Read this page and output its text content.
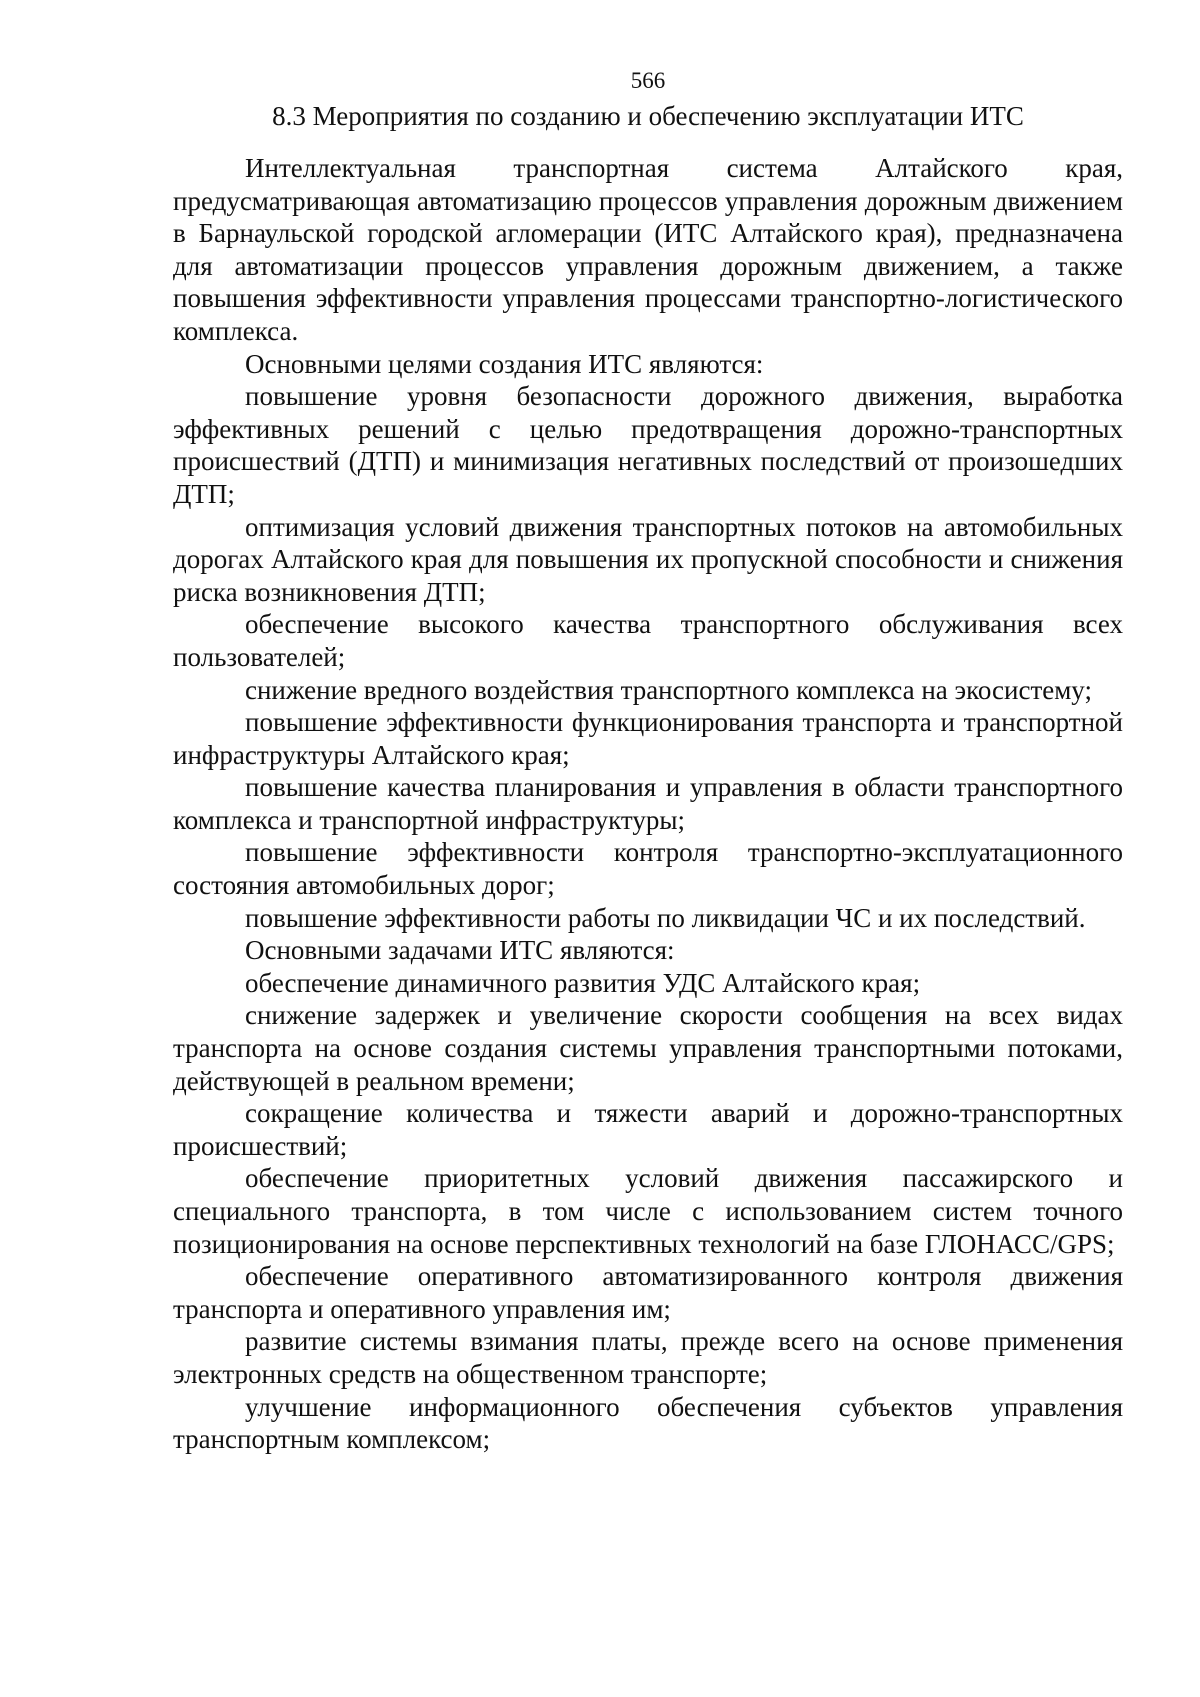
566
8.3 Мероприятия по созданию и обеспечению эксплуатации ИТС

Интеллектуальная транспортная система Алтайского края, предусматривающая автоматизацию процессов управления дорожным движением в Барнаульской городской агломерации (ИТС Алтайского края), предназначена для автоматизации процессов управления дорожным движением, а также повышения эффективности управления процессами транспортно-логистического комплекса.

Основными целями создания ИТС являются:

повышение уровня безопасности дорожного движения, выработка эффективных решений с целью предотвращения дорожно-транспортных происшествий (ДТП) и минимизация негативных последствий от произошедших ДТП;

оптимизация условий движения транспортных потоков на автомобильных дорогах Алтайского края для повышения их пропускной способности и снижения риска возникновения ДТП;

обеспечение высокого качества транспортного обслуживания всех пользователей;

снижение вредного воздействия транспортного комплекса на экосистему;

повышение эффективности функционирования транспорта и транспортной инфраструктуры Алтайского края;

повышение качества планирования и управления в области транспортного комплекса и транспортной инфраструктуры;

повышение эффективности контроля транспортно-эксплуатационного состояния автомобильных дорог;

повышение эффективности работы по ликвидации ЧС и их последствий.

Основными задачами ИТС являются:

обеспечение динамичного развития УДС Алтайского края;

снижение задержек и увеличение скорости сообщения на всех видах транспорта на основе создания системы управления транспортными потоками, действующей в реальном времени;

сокращение количества и тяжести аварий и дорожно-транспортных происшествий;

обеспечение приоритетных условий движения пассажирского и специального транспорта, в том числе с использованием систем точного позиционирования на основе перспективных технологий на базе ГЛОНАСС/GPS;

обеспечение оперативного автоматизированного контроля движения транспорта и оперативного управления им;

развитие системы взимания платы, прежде всего на основе применения электронных средств на общественном транспорте;

улучшение информационного обеспечения субъектов управления транспортным комплексом;
